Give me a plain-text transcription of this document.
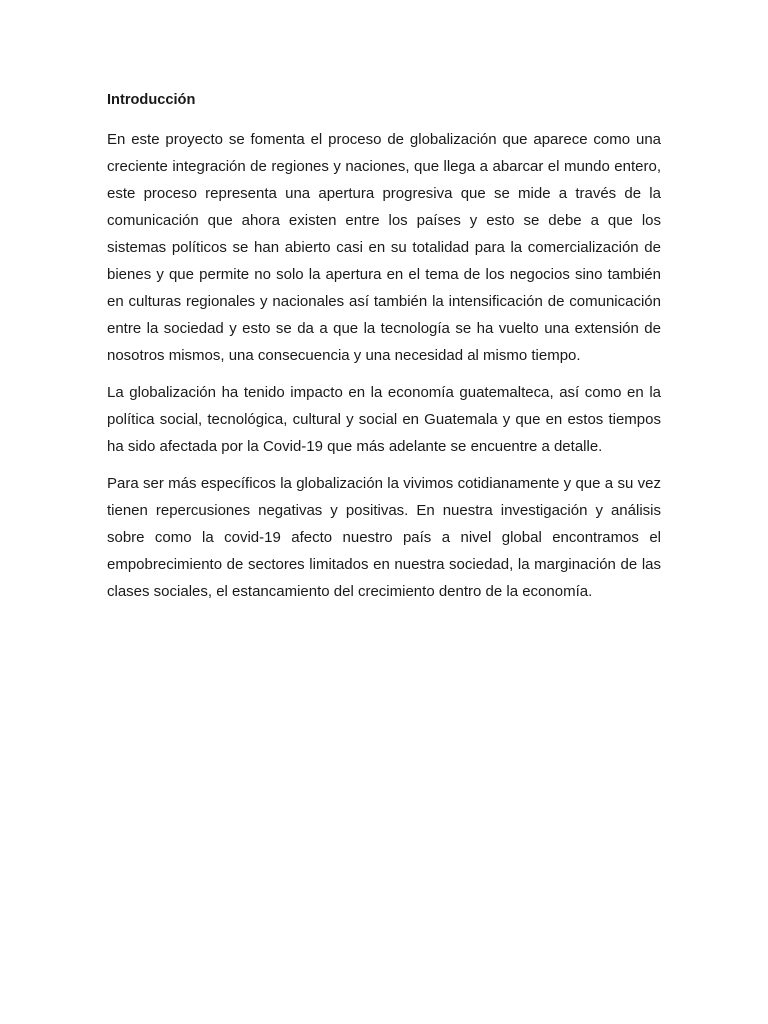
Introducción

En este proyecto se fomenta el proceso de globalización que aparece como una creciente integración de regiones y naciones, que llega a abarcar el mundo entero, este proceso representa una apertura progresiva que se mide a través de la comunicación que ahora existen entre los países y esto se debe a que los sistemas políticos se han abierto casi en su totalidad para la comercialización de bienes y que permite no solo la apertura en el tema de los negocios sino también en culturas regionales y nacionales así también la intensificación de comunicación entre la sociedad y esto se da a que la tecnología se ha vuelto una extensión de nosotros mismos, una consecuencia y una necesidad al mismo tiempo.

La globalización ha tenido impacto en la economía guatemalteca, así como en la política social, tecnológica, cultural y social en Guatemala y que en estos tiempos ha sido afectada por la Covid-19 que más adelante se encuentre a detalle.

Para ser más específicos la globalización la vivimos cotidianamente y que a su vez tienen repercusiones negativas y positivas. En nuestra investigación y análisis sobre como la covid-19 afecto nuestro país a nivel global encontramos el empobrecimiento de sectores limitados en nuestra sociedad, la marginación de las clases sociales, el estancamiento del crecimiento dentro de la economía.
